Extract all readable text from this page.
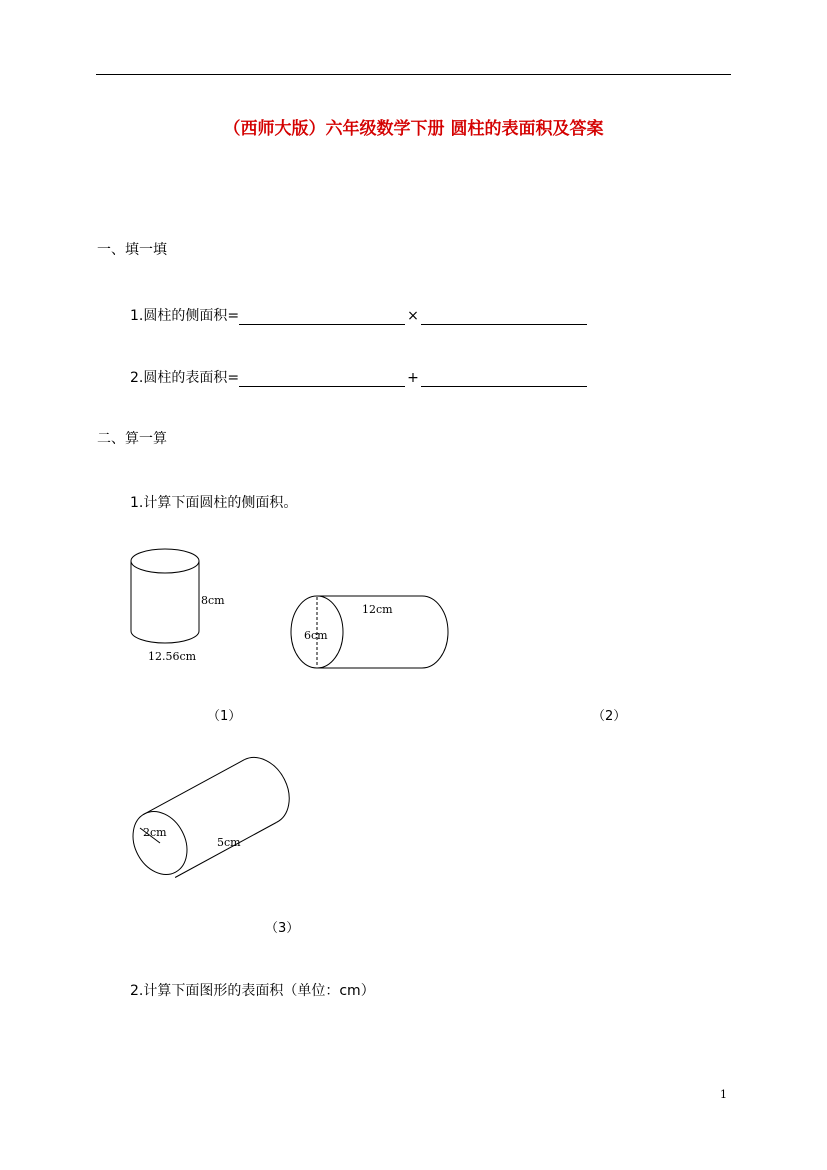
（西师大版）六年级数学下册 圆柱的表面积及答案
一、填一填
1.圆柱的侧面积=	×
2.圆柱的表面积=	+
二、算一算
1.计算下面圆柱的侧面积。
8cm
12.56cm
6cm
12cm
（1）	（2）
2cm
5cm
（3）
2.计算下面图形的表面积（单位：cm）
1
